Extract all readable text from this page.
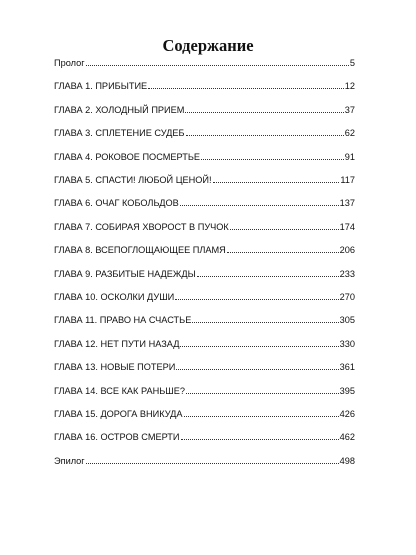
Содержание
Пролог	5
ГЛАВА 1. ПРИБЫТИЕ	12
ГЛАВА 2. ХОЛОДНЫЙ ПРИЕМ	37
ГЛАВА 3. СПЛЕТЕНИЕ СУДЕБ	62
ГЛАВА 4. РОКОВОЕ ПОСМЕРТЬЕ	91
ГЛАВА 5. СПАСТИ! ЛЮБОЙ ЦЕНОЙ!	117
ГЛАВА 6. ОЧАГ КОБОЛЬДОВ	137
ГЛАВА 7. СОБИРАЯ ХВОРОСТ В ПУЧОК	174
ГЛАВА 8. ВСЕПОГЛОЩАЮЩЕЕ ПЛАМЯ	206
ГЛАВА 9. РАЗБИТЫЕ НАДЕЖДЫ	233
ГЛАВА 10. ОСКОЛКИ ДУШИ	270
ГЛАВА 11. ПРАВО НА СЧАСТЬЕ	305
ГЛАВА 12. НЕТ ПУТИ НАЗАД	330
ГЛАВА 13. НОВЫЕ ПОТЕРИ	361
ГЛАВА 14. ВСЕ КАК РАНЬШЕ?	395
ГЛАВА 15. ДОРОГА ВНИКУДА	426
ГЛАВА 16. ОСТРОВ СМЕРТИ	462
Эпилог	498
